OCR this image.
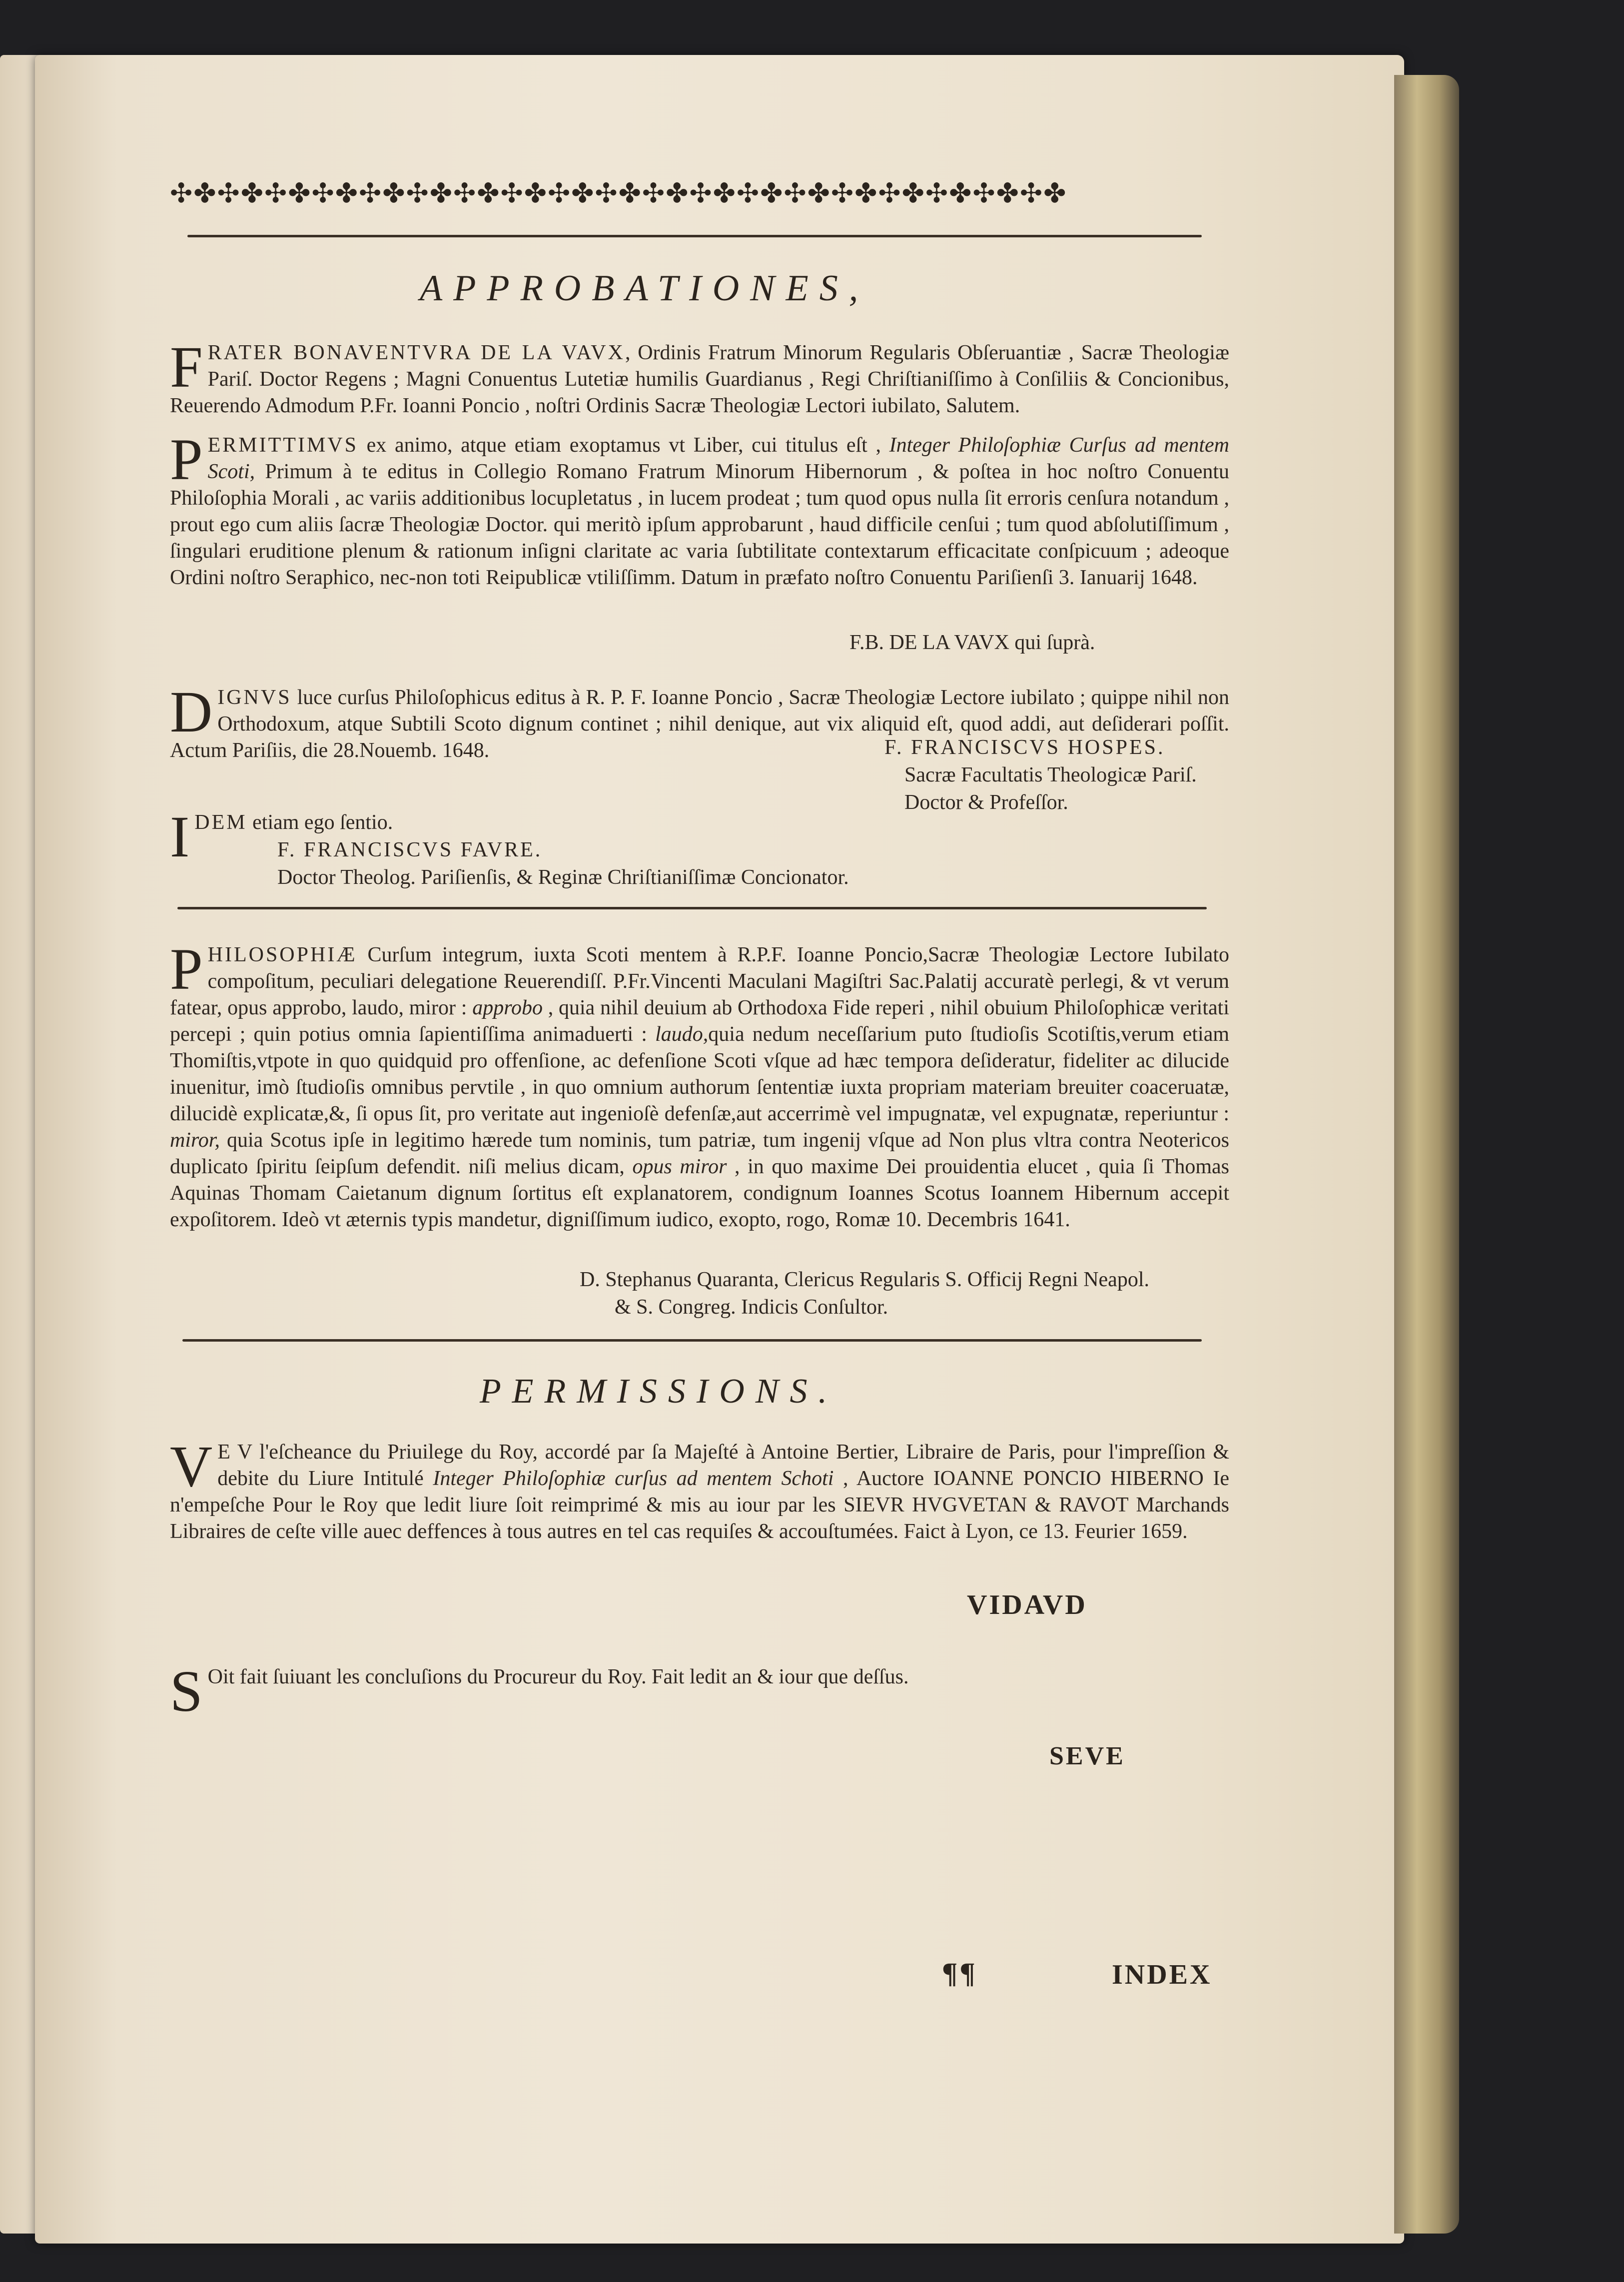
✣✤✣✤✣✤✣✤✣✤✣✤✣✤✣✤✣✤✣✤✣✤✣✤✣✤✣✤✣✤✣✤✣✤✣✤✣✤
APPROBATIONES,
FRATER BONAVENTVRA DE LA VAVX, Ordinis Fratrum Minorum Regularis Obſeruantiæ , Sacræ Theologiæ Pariſ. Doctor Regens ; Magni Conuentus Lutetiæ humilis Guardianus , Regi Chriſtianiſſimo à Conſiliis & Concionibus, Reuerendo Admodum P.Fr. Ioanni Poncio , noſtri Ordinis Sacræ Theologiæ Lectori iubilato, Salutem.
PERMITTIMVS ex animo, atque etiam exoptamus vt Liber, cui titulus eſt , Integer Philoſophiæ Curſus ad mentem Scoti, Primum à te editus in Collegio Romano Fratrum Minorum Hibernorum , & poſtea in hoc noſtro Conuentu Philoſophia Morali , ac variis additionibus locupletatus , in lucem prodeat ; tum quod opus nulla ſit erroris cenſura notandum , prout ego cum aliis ſacræ Theologiæ Doctor. qui meritò ipſum approbarunt , haud difficile cenſui ; tum quod abſolutiſſimum , ſingulari eruditione plenum & rationum inſigni claritate ac varia ſubtilitate contextarum efficacitate conſpicuum ; adeoque Ordini noſtro Seraphico, nec-non toti Reipublicæ vtiliſſimm. Datum in præfato noſtro Conuentu Pariſienſi 3. Ianuarij 1648.
F.B. DE LA VAVX qui ſuprà.
DIGNVS luce curſus Philoſophicus editus à R. P. F. Ioanne Poncio , Sacræ Theologiæ Lectore iubilato ; quippe nihil non Orthodoxum, atque Subtili Scoto dignum continet ; nihil denique, aut vix aliquid eſt, quod addi, aut deſiderari poſſit. Actum Pariſiis, die 28.Nouemb. 1648.	F. FRANCISCVS HOSPES.
Sacræ Facultatis Theologicæ Pariſ.
Doctor & Profeſſor.
IDEM etiam ego ſentio.
F. FRANCISCVS FAVRE.
Doctor Theolog. Pariſienſis, & Reginæ Chriſtianiſſimæ Concionator.
PHILOSOPHIÆ Curſum integrum, iuxta Scoti mentem à R.P.F. Ioanne Poncio,Sacræ Theologiæ Lectore Iubilato compoſitum, peculiari delegatione Reuerendiſſ. P.Fr.Vincenti Maculani Magiſtri Sac.Palatij accuratè perlegi, & vt verum fatear, opus approbo, laudo, miror : approbo , quia nihil deuium ab Orthodoxa Fide reperi , nihil obuium Philoſophicæ veritati percepi ; quin potius omnia ſapientiſſima animaduerti : laudo,quia nedum neceſſarium puto ſtudioſis Scotiſtis,verum etiam Thomiſtis,vtpote in quo quidquid pro offenſione, ac defenſione Scoti vſque ad hæc tempora deſideratur, fideliter ac dilucide inuenitur, imò ſtudioſis omnibus pervtile , in quo omnium authorum ſententiæ iuxta propriam materiam breuiter coaceruatæ, dilucidè explicatæ,&, ſi opus ſit, pro veritate aut ingenioſè defenſæ,aut accerrimè vel impugnatæ, vel expugnatæ, reperiuntur : miror, quia Scotus ipſe in legitimo hærede tum nominis, tum patriæ, tum ingenij vſque ad Non plus vltra contra Neotericos duplicato ſpiritu ſeipſum defendit. niſi melius dicam, opus miror , in quo maxime Dei prouidentia elucet , quia ſi Thomas Aquinas Thomam Caietanum dignum ſortitus eſt explanatorem, condignum Ioannes Scotus Ioannem Hibernum accepit expoſitorem. Ideò vt æternis typis mandetur, digniſſimum iudico, exopto, rogo, Romæ 10. Decembris 1641.
D. Stephanus Quaranta, Clericus Regularis S. Officij Regni Neapol.
& S. Congreg. Indicis Conſultor.
PERMISSIONS.
V E V l'eſcheance du Priuilege du Roy, accordé par ſa Majeſté à Antoine Bertier, Libraire de Paris, pour l'impreſſion & debite du Liure Intitulé Integer Philoſophiæ curſus ad mentem Schoti , Auctore IOANNE PONCIO HIBERNO Ie n'empeſche Pour le Roy que ledit liure ſoit reimprimé & mis au iour par les SIEVR HVGVETAN & RAVOT Marchands Libraires de ceſte ville auec deffences à tous autres en tel cas requiſes & accouſtumées. Faict à Lyon, ce 13. Feurier 1659.
VIDAVD
S Oit fait ſuiuant les concluſions du Procureur du Roy. Fait ledit an & iour que deſſus.
SEVE
¶¶	INDEX
